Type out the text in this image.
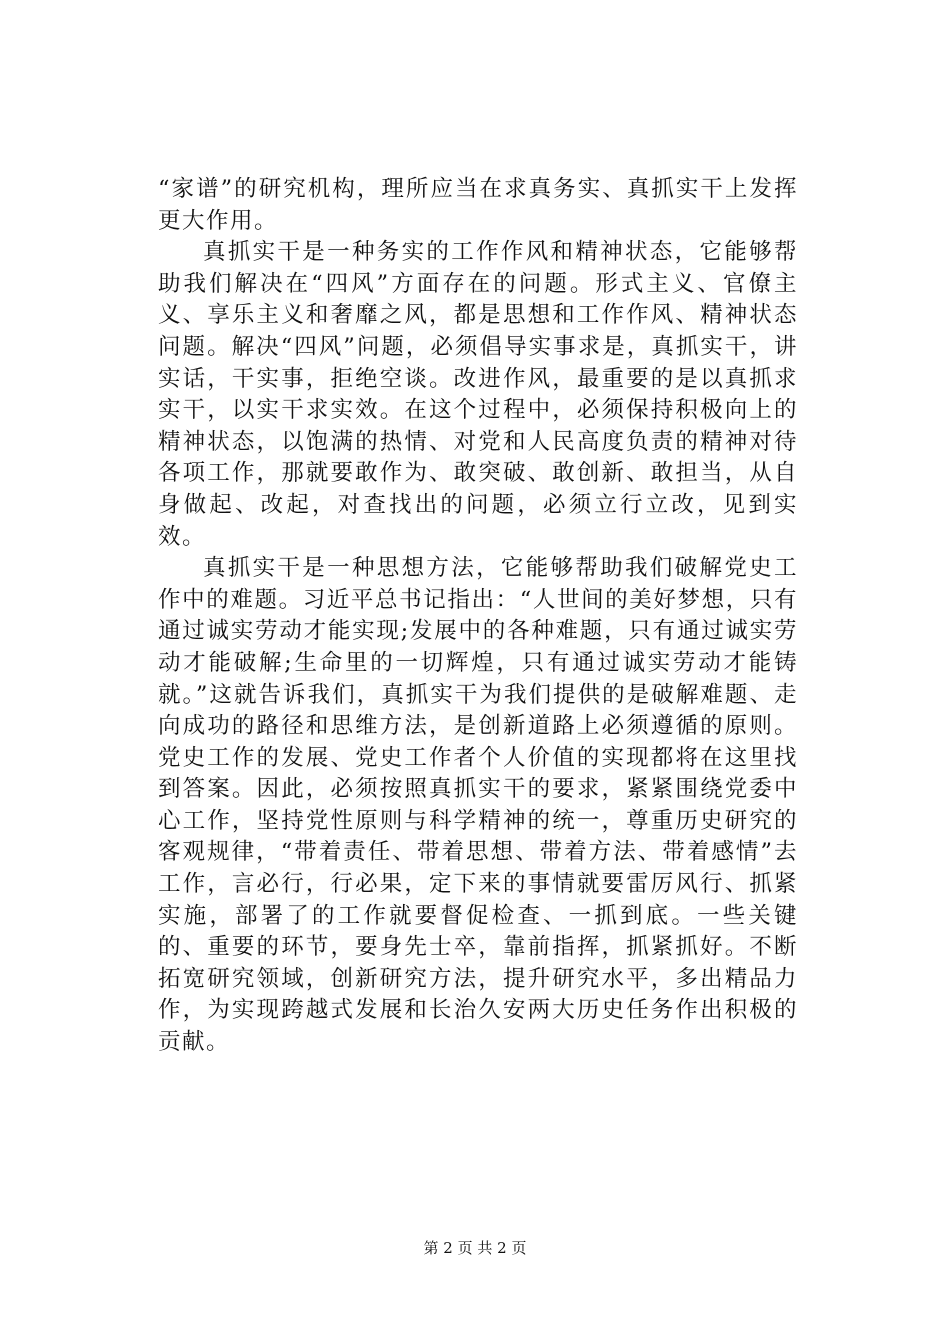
“家谱”的研究机构，理所应当在求真务实、真抓实干上发挥更大作用。

真抓实干是一种务实的工作作风和精神状态，它能够帮助我们解决在“四风”方面存在的问题。形式主义、官僚主义、享乐主义和奢靡之风，都是思想和工作作风、精神状态问题。解决“四风”问题，必须倡导实事求是，真抓实干，讲实话，干实事，拒绝空谈。改进作风，最重要的是以真抓求实干，以实干求实效。在这个过程中，必须保持积极向上的精神状态，以饱满的热情、对党和人民高度负责的精神对待各项工作，那就要敢作为、敢突破、敢创新、敢担当，从自身做起、改起，对查找出的问题，必须立行立改，见到实效。

真抓实干是一种思想方法，它能够帮助我们破解党史工作中的难题。习近平总书记指出：“人世间的美好梦想，只有通过诚实劳动才能实现;发展中的各种难题，只有通过诚实劳动才能破解;生命里的一切辉煌，只有通过诚实劳动才能铸就。”这就告诉我们，真抓实干为我们提供的是破解难题、走向成功的路径和思维方法，是创新道路上必须遵循的原则。党史工作的发展、党史工作者个人价值的实现都将在这里找到答案。因此，必须按照真抓实干的要求，紧紧围绕党委中心工作，坚持党性原则与科学精神的统一，尊重历史研究的客观规律，“带着责任、带着思想、带着方法、带着感情”去工作，言必行，行必果，定下来的事情就要雷厉风行、抓紧实施，部署了的工作就要督促检查、一抓到底。一些关键的、重要的环节，要身先士卒，靠前指挥，抓紧抓好。不断拓宽研究领域，创新研究方法，提升研究水平，多出精品力作，为实现跨越式发展和长治久安两大历史任务作出积极的贡献。

第 2 页 共 2 页
